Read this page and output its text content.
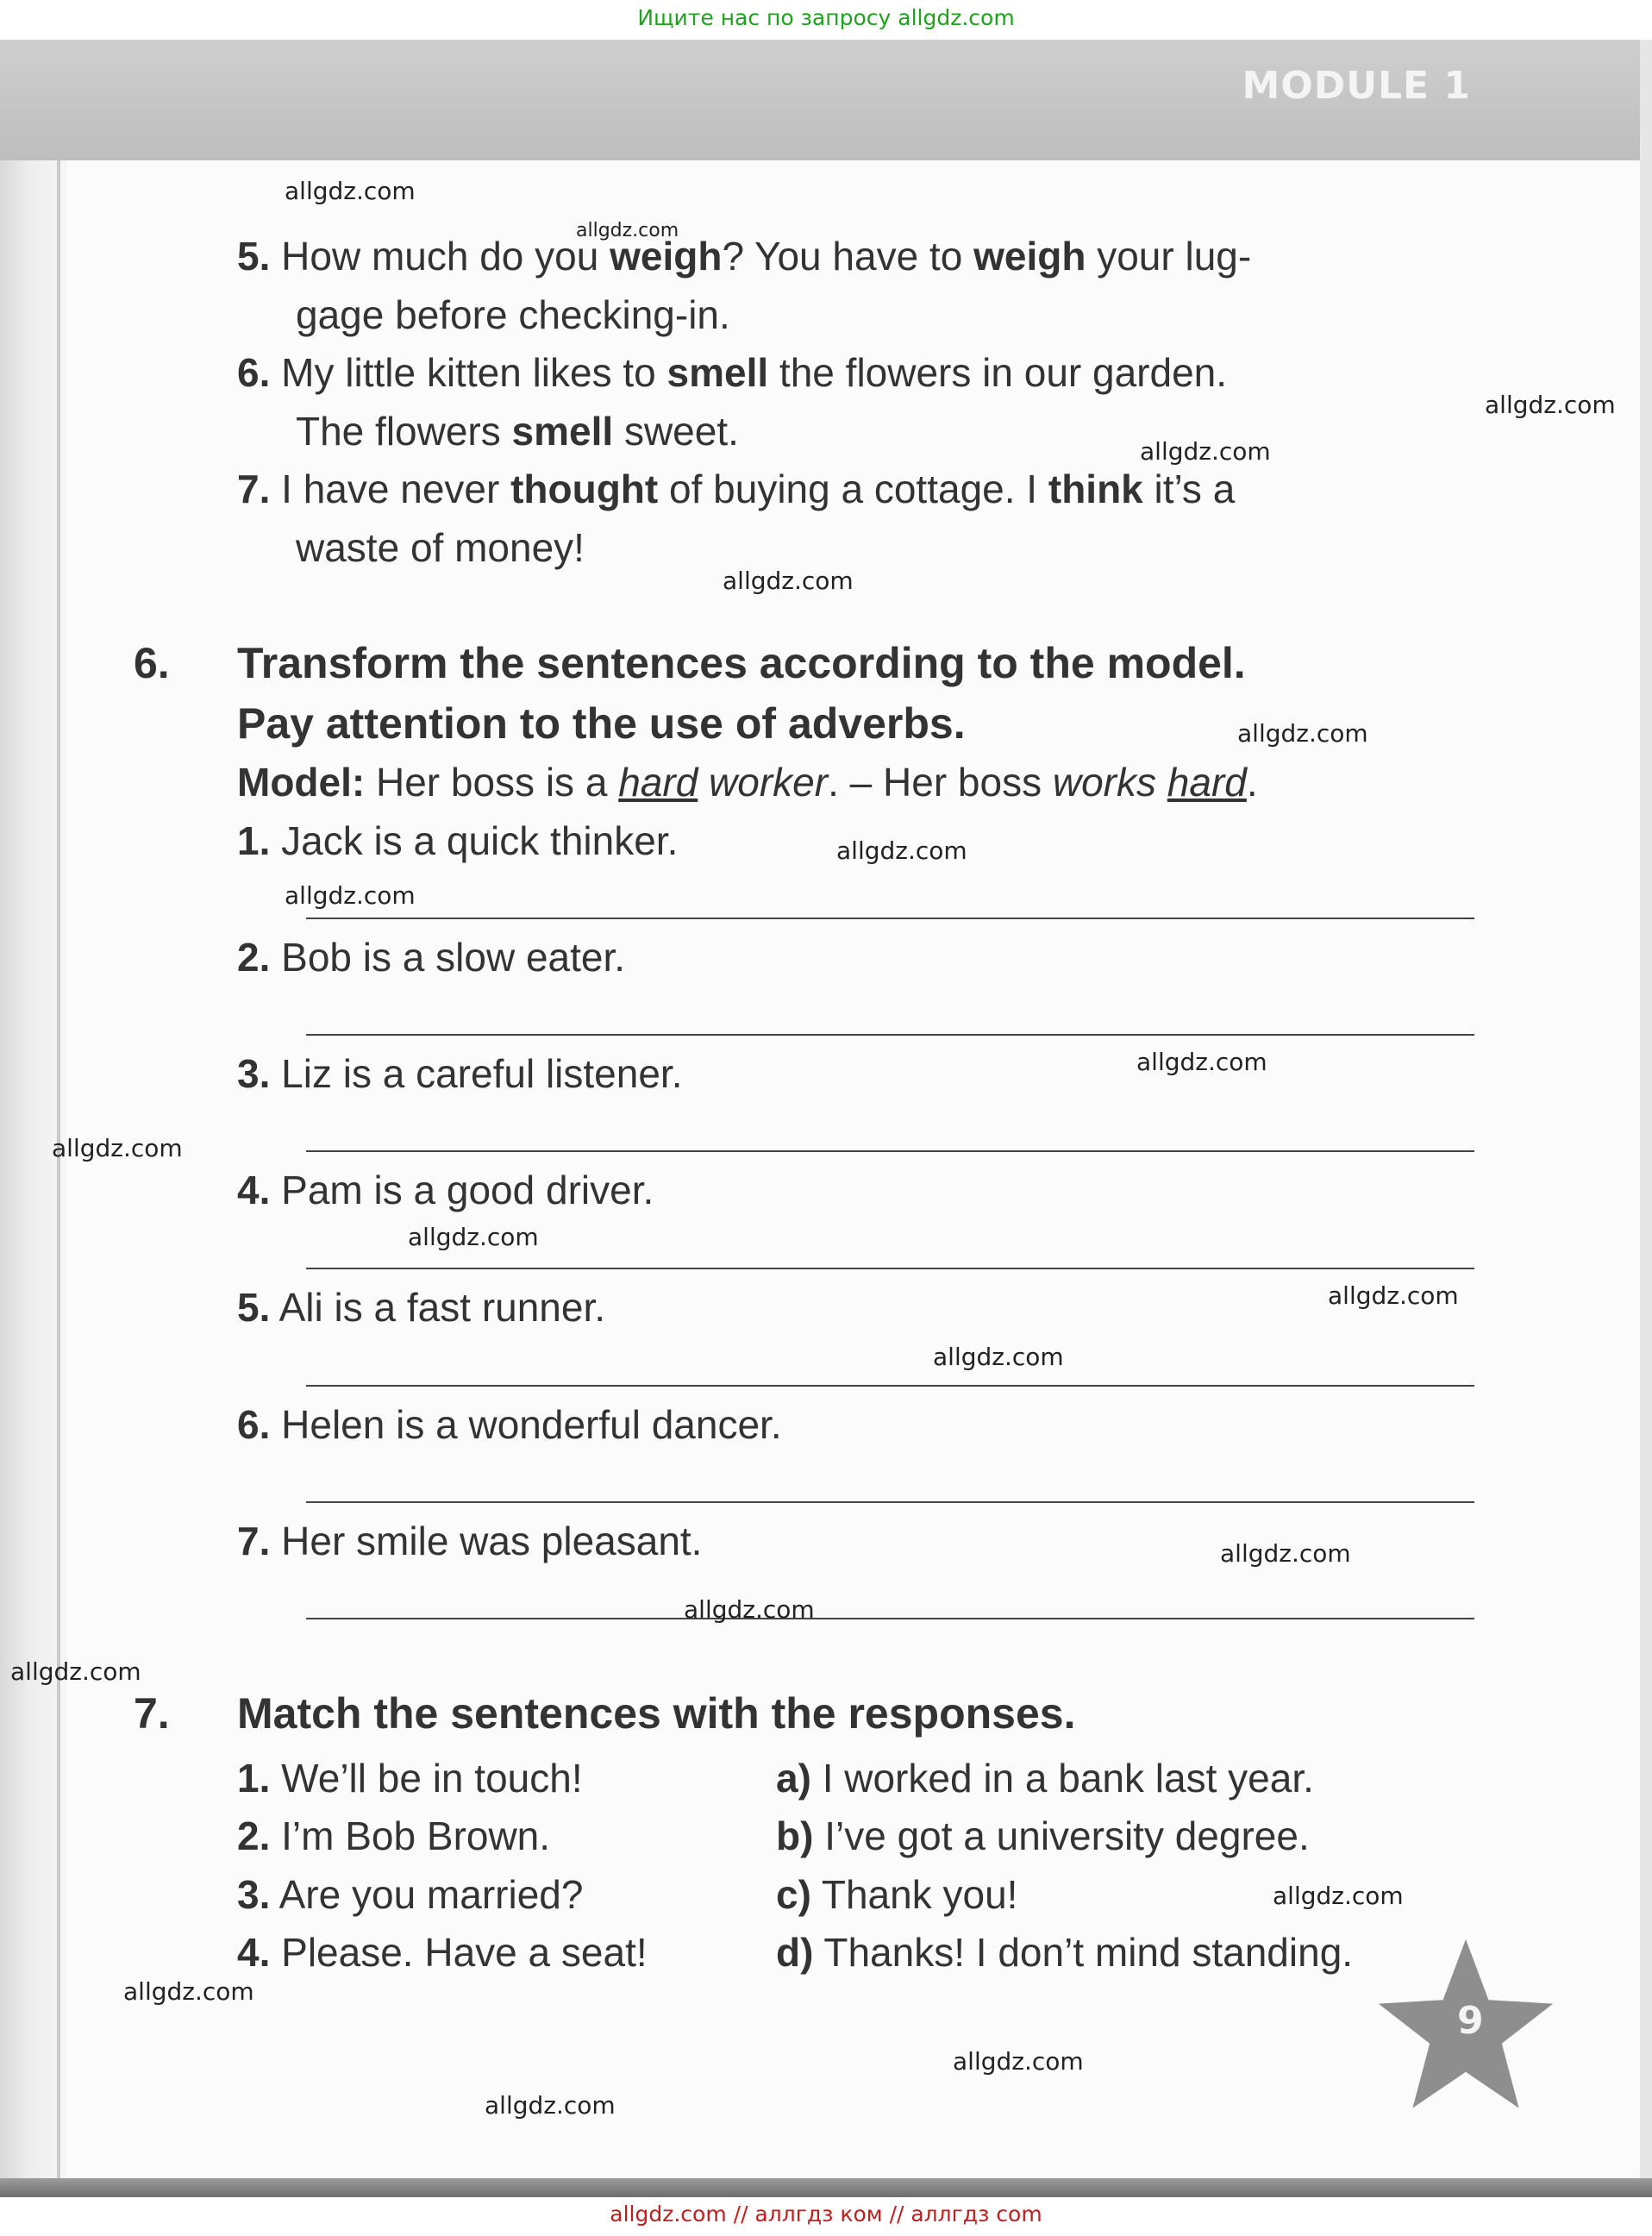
Ищите нас по запросу allgdz.com
MODULE 1
5. How much do you weigh? You have to weigh your lug-
gage before checking-in.
6. My little kitten likes to smell the flowers in our garden.
The flowers smell sweet.
7. I have never thought of buying a cottage. I think it’s a
waste of money!
6. Transform the sentences according to the model.
Pay attention to the use of adverbs.
Model: Her boss is a hard worker. – Her boss works hard.
1. Jack is a quick thinker.
2. Bob is a slow eater.
3. Liz is a careful listener.
4. Pam is a good driver.
5. Ali is a fast runner.
6. Helen is a wonderful dancer.
7. Her smile was pleasant.
7. Match the sentences with the responses.
1. We’ll be in touch!
2. I’m Bob Brown.
3. Are you married?
4. Please. Have a seat!
a) I worked in a bank last year.
b) I’ve got a university degree.
c) Thank you!
d) Thanks! I don’t mind standing.
9
allgdz.com
allgdz.com
allgdz.com
allgdz.com
allgdz.com
allgdz.com
allgdz.com
allgdz.com
allgdz.com
allgdz.com
allgdz.com
allgdz.com
allgdz.com
allgdz.com
allgdz.com
allgdz.com
allgdz.com
allgdz.com
allgdz.com
allgdz.com
allgdz.com // аллгдз ком // аллгдз com
